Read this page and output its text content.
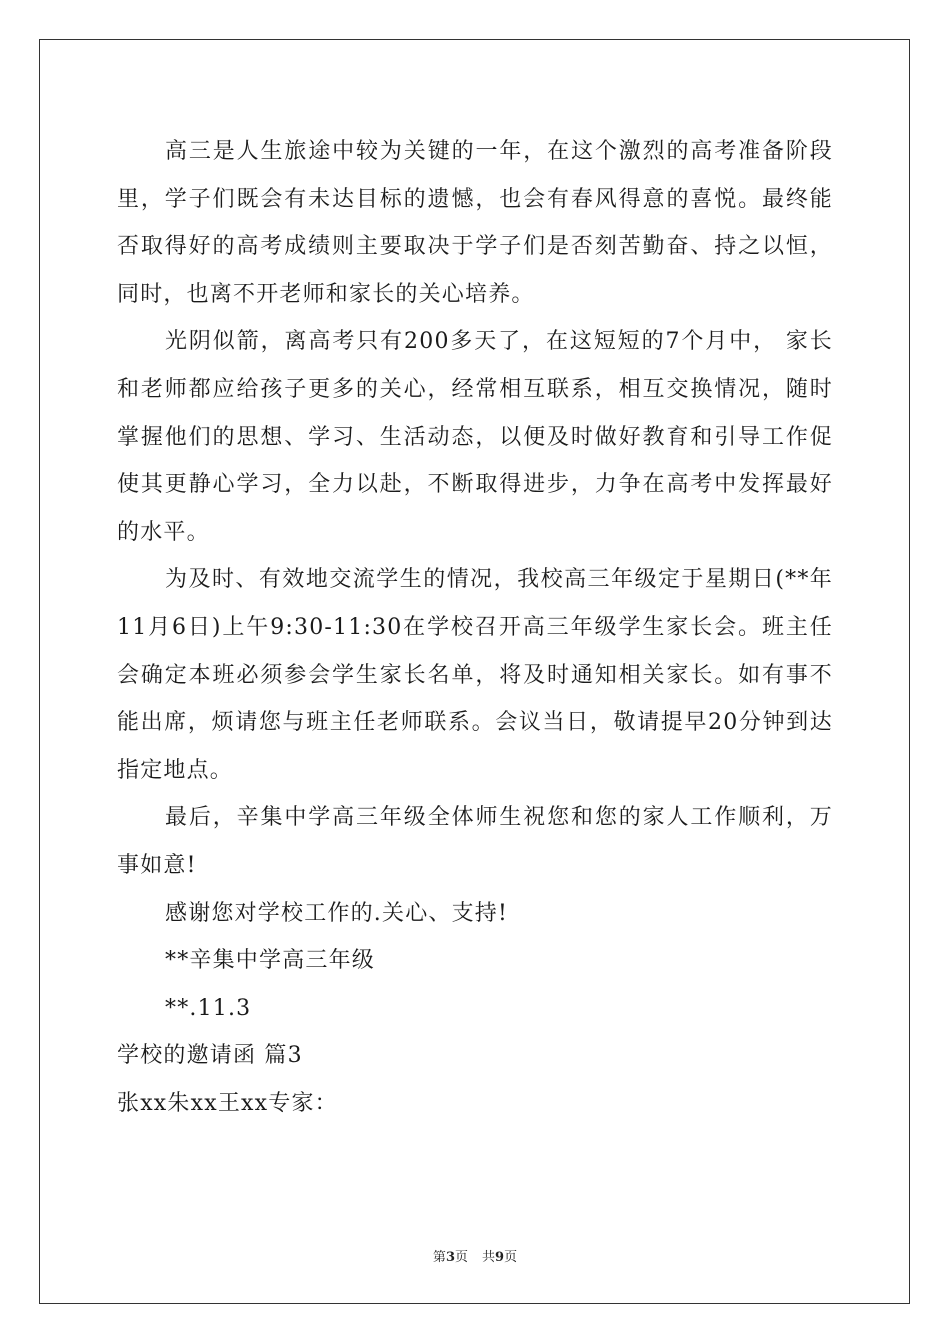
高三是人生旅途中较为关键的一年，在这个激烈的高考准备阶段里，学子们既会有未达目标的遗憾，也会有春风得意的喜悦。最终能否取得好的高考成绩则主要取决于学子们是否刻苦勤奋、持之以恒，同时，也离不开老师和家长的关心培养。

光阴似箭，离高考只有200多天了，在这短短的7个月中， 家长和老师都应给孩子更多的关心，经常相互联系，相互交换情况，随时掌握他们的思想、学习、生活动态，以便及时做好教育和引导工作促使其更静心学习，全力以赴，不断取得进步，力争在高考中发挥最好的水平。

为及时、有效地交流学生的情况，我校高三年级定于星期日(**年11月6日)上午9:30-11:30在学校召开高三年级学生家长会。班主任会确定本班必须参会学生家长名单，将及时通知相关家长。如有事不能出席，烦请您与班主任老师联系。会议当日，敬请提早20分钟到达指定地点。

最后，辛集中学高三年级全体师生祝您和您的家人工作顺利，万事如意!

感谢您对学校工作的.关心、支持!

**辛集中学高三年级

**.11.3

学校的邀请函 篇3

张xx朱xx王xx专家：

第3页 共9页
